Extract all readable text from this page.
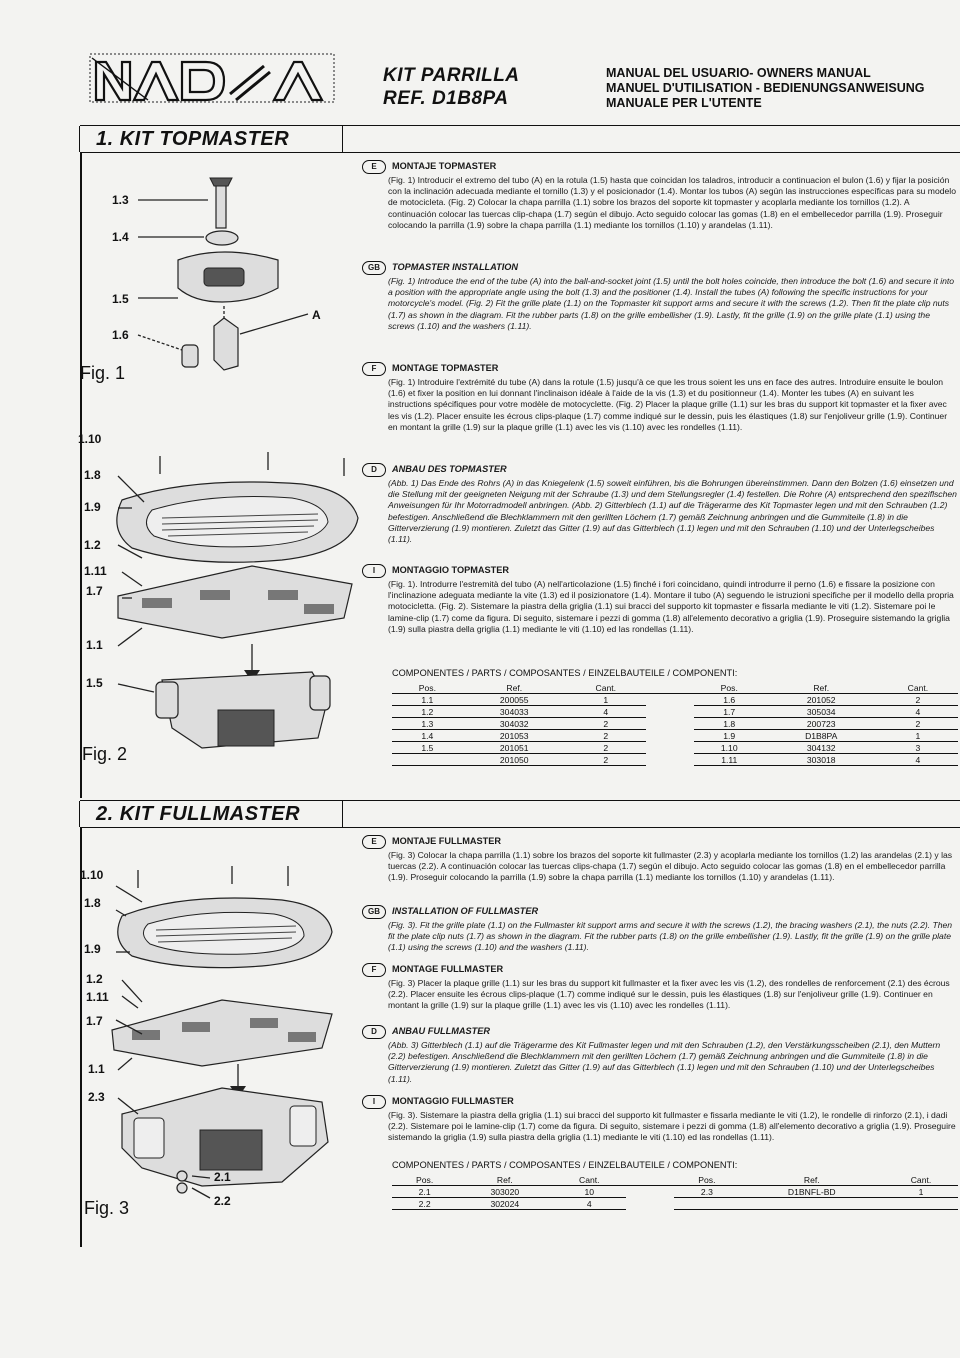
KIT PARRILLA
REF. D1B8PA
MANUAL DEL USUARIO- OWNERS MANUAL
MANUEL D'UTILISATION - BEDIENUNGSANWEISUNG
MANUALE PER L'UTENTE
1. KIT TOPMASTER
1.3
1.4
1.5
1.6
A
Fig. 1
1.10
1.8
1.9
1.2
1.11
1.7
1.1
1.5
Fig. 2
E	MONTAJE TOPMASTER

(Fig. 1) Introducir el extremo del tubo (A) en la rotula (1.5) hasta que coincidan los taladros, introducir a continuacion el bulon (1.6) y fijar la posición con la inclinación adecuada mediante el tornillo (1.3) y el posicionador (1.4). Montar los tubos (A) según las instrucciones específicas para su modelo de motocicleta. (Fig. 2) Colocar la chapa parrilla (1.1) sobre los brazos del soporte kit topmaster y acoplarla mediante los tornillos (1.2). A continuación colocar las tuercas clip-chapa (1.7) según el dibujo. Acto seguido colocar las gomas (1.8) en el embellecedor parrilla (1.9). Proseguir colocando la parrilla (1.9) sobre la chapa parrilla (1.1) mediante los tornillos (1.10) y arandelas (1.11).

GB	TOPMASTER INSTALLATION

(Fig. 1) Introduce the end of the tube (A) into the ball-and-socket joint (1.5) until the bolt holes coincide, then introduce the bolt (1.6) and secure it into a position with the appropriate angle using the bolt (1.3) and the positioner (1.4). Install the tubes (A) following the specific instructions for your motorcycle's model. (Fig. 2) Fit the grille plate (1.1) on the Topmaster kit support arms and secure it with the screws (1.2). Then fit the plate clip nuts (1.7) as shown in the diagram. Fit the rubber parts (1.8) on the grille embellisher (1.9). Lastly, fit the grille (1.9) on the grille plate (1.1) using the screws (1.10) and the washers (1.11).

F	MONTAGE TOPMASTER

(Fig. 1) Introduire l'extrémité du tube (A) dans la rotule (1.5) jusqu'à ce que les trous soient les uns en face des autres. Introduire ensuite le boulon (1.6) et fixer la position en lui donnant l'inclinaison idéale à l'aide de la vis (1.3) et du positionneur (1.4). Monter les tubes (A) en suivant les instructions spécifiques pour votre modèle de motocyclette. (Fig. 2) Placer la plaque grille (1.1) sur les bras du support kit topmaster et la fixer avec les vis (1.2). Placer ensuite les écrous clips-plaque (1.7) comme indiqué sur le dessin, puis les élastiques (1.8) sur l'enjoliveur grille (1.9). Continuer en montant la grille (1.9) sur la plaque grille (1.1) avec les vis (1.10) avec les rondelles (1.11).

D	ANBAU DES TOPMASTER

(Abb. 1) Das Ende des Rohrs (A) in das Kniegelenk (1.5) soweit einführen, bis die Bohrungen übereinstimmen. Dann den Bolzen (1.6) einsetzen und die Stellung mit der geeigneten Neigung mit der Schraube (1.3) und dem Stellungsregler (1.4) festellen. Die Rohre (A) entsprechend den speziflschen Anweisungen für Ihr Motorradmodell anbringen. (Abb. 2) Gitterblech (1.1) auf die Trägerarme des Kit Topmaster legen und mit den Schrauben (1.2) befestigen. Anschließend die Blechklammern mit den gerillten Löchern (1.7) gemäß Zeichnung anbringen und die Gummiteile (1.8) in die Gitterverzierung (1.9) montieren. Zuletzt das Gitter (1.9) auf das Gitterblech (1.1) legen und mit den Schrauben (1.10) und der Unterlegscheibes (1.11).

I	MONTAGGIO TOPMASTER

(Fig. 1). Introdurre l'estremità del tubo (A) nell'articolazione (1.5) finché i fori coincidano, quindi introdurre il perno (1.6) e fissare la posizione con l'inclinazione adeguata mediante la vite (1.3) ed il posizionatore (1.4). Montare il tubo (A) seguendo le istruzioni specifiche per il modello della propria motocicletta. (Fig. 2). Sistemare la piastra della griglia (1.1) sui bracci del supporto kit topmaster e fissarla mediante le viti (1.2). Sistemare poi le lamine-clip (1.7) come da figura. Di seguito, sistemare i pezzi di gomma (1.8) all'elemento decorativo a griglia (1.9). Proseguire sistemando la griglia (1.9) sulla piastra della griglia (1.1) mediante le viti (1.10) ed las rondellas (1.11).

COMPONENTES / PARTS / COMPOSANTES / EINZELBAUTEILE / COMPONENTI:
Pos.	Ref.	Cant.		Pos.	Ref.	Cant.
1.1	200055	1		1.6	201052	2
1.2	304033	4		1.7	305034	4
1.3	304032	2		1.8	200723	2
1.4	201053	2		1.9	D1B8PA	1
1.5	201051	2		1.10	304132	3
	201050	2		1.11	303018	4
2. KIT FULLMASTER
1.10
1.8
1.9
1.2
1.11
1.7
1.1
2.3
2.1
2.2
Fig. 3
E	MONTAJE FULLMASTER

(Fig. 3) Colocar la chapa parrilla (1.1) sobre los brazos del soporte kit fullmaster (2.3) y acoplarla mediante los tornillos (1.2) las arandelas (2.1) y las tuercas (2.2). A continuación colocar las tuercas clips-chapa (1.7) según el dibujo. Acto seguido colocar las gomas (1.8) en el embellecedor parrilla (1.9). Proseguir colocando la parrilla (1.9) sobre la chapa parrilla (1.1) mediante los tornillos (1.10) y arandelas (1.11).

GB	INSTALLATION OF FULLMASTER

(Fig. 3). Fit the grille plate (1.1) on the Fullmaster kit support arms and secure it with the screws (1.2), the bracing washers (2.1), the nuts (2.2). Then fit the plate clip nuts (1.7) as shown in the diagram. Fit the rubber parts (1.8) on the grille embellisher (1.9). Lastly, fit the grille (1.9) on the grille plate (1.1) using the screws (1.10) and the washers (1.11).

F	MONTAGE FULLMASTER

(Fig. 3) Placer la plaque grille (1.1) sur les bras du support kit fullmaster et la fixer avec les vis (1.2), des rondelles de renforcement (2.1) des écrous (2.2). Placer ensuite les écrous clips-plaque (1.7) comme indiqué sur le dessin, puis les élastiques (1.8) sur l'enjoliveur grille (1.9). Continuer en montant la grille (1.9) sur la plaque grille (1.1) avec les vis (1.10) avec les rondelles (1.11).

D	ANBAU FULLMASTER

(Abb. 3) Gitterblech (1.1) auf die Trägerarme des Kit Fullmaster legen und mit den Schrauben (1.2), den Verstärkungsscheiben (2.1), den Muttern (2.2) befestigen. Anschließend die Blechklammern mit den gerillten Löchern (1.7) gemäß Zeichnung anbringen und die Gummiteile (1.8) in die Gitterverzierung (1.9) montieren. Zuletzt das Gitter (1.9) auf das Gitterblech (1.1) legen und mit den Schrauben (1.10) und der Unterlegscheibes (1.11).

I	MONTAGGIO FULLMASTER

(Fig. 3). Sistemare la piastra della griglia (1.1) sui bracci del supporto kit fullmaster e fissarla mediante le viti (1.2), le rondelle di rinforzo (2.1), i dadi (2.2). Sistemare poi le lamine-clip (1.7) come da figura. Di seguito, sistemare i pezzi di gomma (1.8) all'elemento decorativo a griglia (1.9). Proseguire sistemando la griglia (1.9) sulla piastra della griglia (1.1) mediante le viti (1.10) ed las rondellas (1.11).

COMPONENTES / PARTS / COMPOSANTES / EINZELBAUTEILE / COMPONENTI:
Pos.	Ref.	Cant.		Pos.	Ref.	Cant.
2.1	303020	10		2.3	D1BNFL-BD	1
2.2	302024	4				
